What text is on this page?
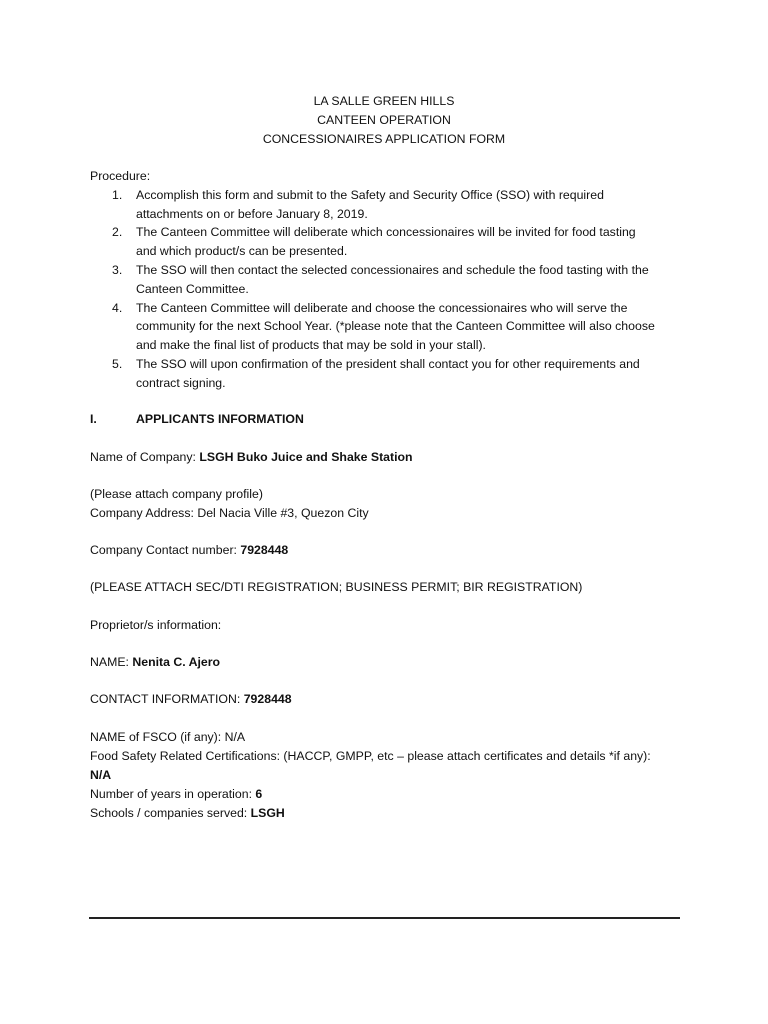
LA SALLE GREEN HILLS
CANTEEN OPERATION
CONCESSIONAIRES APPLICATION FORM
Procedure:
1. Accomplish this form and submit to the Safety and Security Office (SSO) with required
attachments on or before January 8, 2019.
2. The Canteen Committee will deliberate which concessionaires will be invited for food tasting
and which product/s can be presented.
3. The SSO will then contact the selected concessionaires and schedule the food tasting with the
Canteen Committee.
4. The Canteen Committee will deliberate and choose the concessionaires who will serve the
community for the next School Year. (*please note that the Canteen Committee will also choose
and make the final list of products that may be sold in your stall).
5. The SSO will upon confirmation of the president shall contact you for other requirements and
contract signing.
I.	APPLICANTS INFORMATION
Name of Company: LSGH Buko Juice and Shake Station
(Please attach company profile)
Company Address: Del Nacia Ville #3, Quezon City
Company Contact number: 7928448
(PLEASE ATTACH SEC/DTI REGISTRATION; BUSINESS PERMIT; BIR REGISTRATION)
Proprietor/s information:
NAME: Nenita C. Ajero
CONTACT INFORMATION: 7928448
NAME of FSCO (if any): N/A
Food Safety Related Certifications: (HACCP, GMPP, etc – please attach certificates and details *if any):
N/A
Number of years in operation: 6
Schools / companies served: LSGH
